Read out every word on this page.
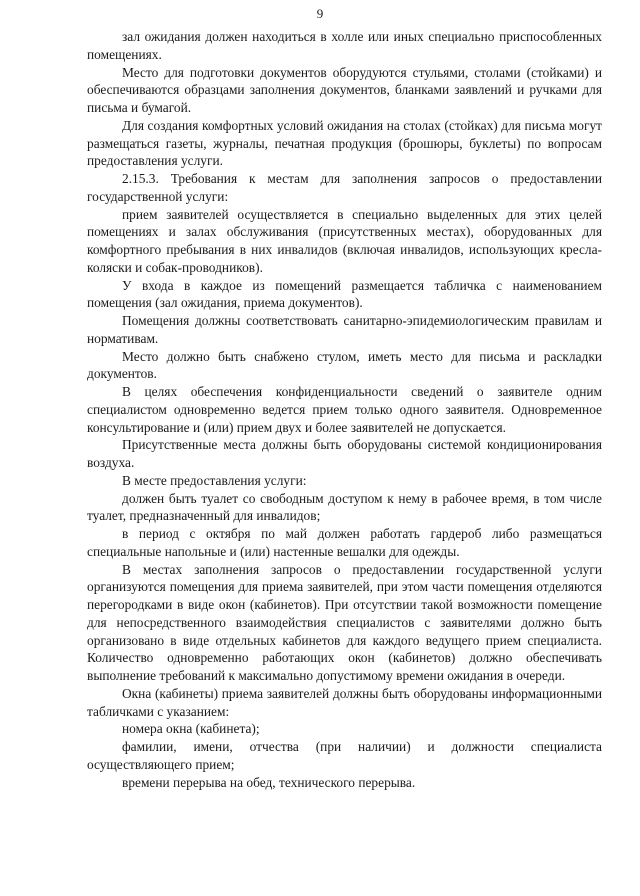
9

зал ожидания должен находиться в холле или иных специально приспособленных помещениях.

Место для подготовки документов оборудуются стульями, столами (стойками) и обеспечиваются образцами заполнения документов, бланками заявлений и ручками для письма и бумагой.

Для создания комфортных условий ожидания на столах (стойках) для письма могут размещаться газеты, журналы, печатная продукция (брошюры, буклеты) по вопросам предоставления услуги.

2.15.3. Требования к местам для заполнения запросов о предоставлении государственной услуги:

прием заявителей осуществляется в специально выделенных для этих целей помещениях и залах обслуживания (присутственных местах), оборудованных для комфортного пребывания в них инвалидов (включая инвалидов, использующих кресла-коляски и собак-проводников).

У входа в каждое из помещений размещается табличка с наименованием помещения (зал ожидания, приема документов).

Помещения должны соответствовать санитарно-эпидемиологическим правилам и нормативам.

Место должно быть снабжено стулом, иметь место для письма и раскладки документов.

В целях обеспечения конфиденциальности сведений о заявителе одним специалистом одновременно ведется прием только одного заявителя. Одновременное консультирование и (или) прием двух и более заявителей не допускается.

Присутственные места должны быть оборудованы системой кондиционирования воздуха.

В месте предоставления услуги:

должен быть туалет со свободным доступом к нему в рабочее время, в том числе туалет, предназначенный для инвалидов;

в период с октября по май должен работать гардероб либо размещаться специальные напольные и (или) настенные вешалки для одежды.

В местах заполнения запросов о предоставлении государственной услуги организуются помещения для приема заявителей, при этом части помещения отделяются перегородками в виде окон (кабинетов). При отсутствии такой возможности помещение для непосредственного взаимодействия специалистов с заявителями должно быть организовано в виде отдельных кабинетов для каждого ведущего прием специалиста. Количество одновременно работающих окон (кабинетов) должно обеспечивать выполнение требований к максимально допустимому времени ожидания в очереди.

Окна (кабинеты) приема заявителей должны быть оборудованы информационными табличками с указанием:

номера окна (кабинета);

фамилии, имени, отчества (при наличии) и должности специалиста осуществляющего прием;

времени перерыва на обед, технического перерыва.
